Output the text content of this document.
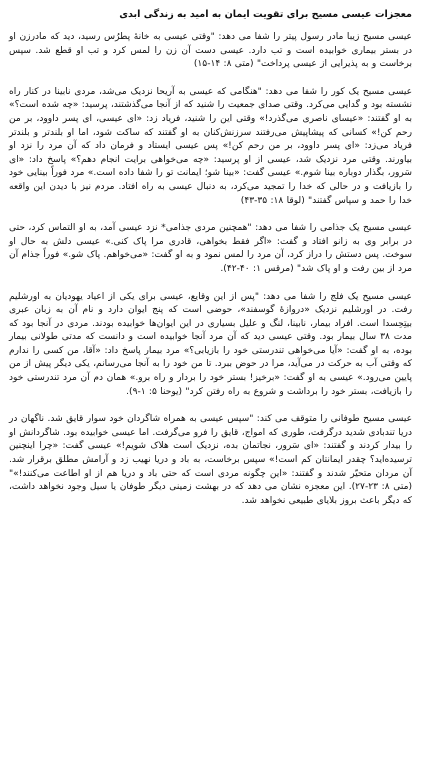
معجزات عیسی مسیح برای تقویت ایمان به امید به زندگی ابدی

عیسی مسیح زیبا مادر رسول پیتر را شفا می دهد: "وقتی عیسی به خانهٔ پطرُس رسید، دید که مادرزن او در بستر بیماری خوابیده است و تب دارد. عیسی دست آن زن را لمس کرد و تب او قطع شد. سپس برخاست و به پذیرایی از عیسی پرداخت" (متی ۸: ۱۴-۱۵)

عیسی مسیح یک کور را شفا می دهد: "هنگامی که عیسی به آریحا نزدیک می‌شد، مردی نابینا در کنار راه نشسته بود و گدایی می‌کرد. وقتی صدای جمعیت را شنید که از آنجا می‌گذشتند، پرسید: «چه شده است؟» به او گفتند: «عیسای ناصری می‌گذرد!» وقتی این را شنید، فریاد زد: «ای عیسی، ای پسر داوود، بر من رحم کن!» کسانی که پیشاپیش می‌رفتند سرزنش‌کنان به او گفتند که ساکت شود، اما او بلندتر و بلندتر فریاد می‌زد: «ای پسر داوود، بر من رحم کن!» پس عیسی ایستاد و فرمان داد که آن مرد را نزد او بیاورند. وقتی مرد نزدیک شد، عیسی از او پرسید: «چه می‌خواهی برایت انجام دهم؟» پاسخ داد: «ای سَرور، بگذار دوباره بینا شوم.» عیسی گفت: «بینا شو؛ ایمانت تو را شفا داده است.» مرد فوراً بینایی خود را بازیافت و در حالی که خدا را تمجید می‌کرد، به دنبال عیسی به راه افتاد. مردم نیز با دیدن این واقعه خدا را حمد و سپاس گفتند" (لوقا ۱۸: ۳۵-۴۳)

عیسی مسیح یک جذامی را شفا می دهد: "همچنین مردی جذامی* نزد عیسی آمد، به او التماس کرد، حتی در برابر وی به زانو افتاد و گفت: «اگر فقط بخواهی، قادری مرا پاک کنی.» عیسی دلش به حال او سوخت. پس دستش را دراز کرد، آن مرد را لمس نمود و به او گفت: «می‌خواهم. پاک شو.» فوراً جذام آن مرد از بین رفت و او پاک شد" (مرقس ۱: ۴۰-۴۲).

عیسی مسیح یک فلج را شفا می دهد: "پس از این وقایع، عیسی برای یکی از اعیاد یهودیان به اورشلیم رفت. در اورشلیم نزدیک «دروازهٔ گوسفند»، حوضی است که پنج ایوان دارد و نام آن به زبان عبری بیتِحِسدا است. افراد بیمار، نابینا، لنگ و علیل بسیاری در این ایوان‌ها خوابیده بودند. مردی در آنجا بود که مدت ۳۸ سال بیمار بود. وقتی عیسی دید که آن مرد آنجا خوابیده است و دانست که مدتی طولانی بیمار بوده، به او گفت: «آیا می‌خواهی تندرستی خود را بازیابی؟» مرد بیمار پاسخ داد: «آقا، من کسی را ندارم که وقتی آب به حرکت در می‌آید، مرا در حوض ببرد. تا من خود را به آنجا می‌رسانم، یکی دیگر پیش از من پایین می‌رود.» عیسی به او گفت: «برخیز! بستر خود را بردار و راه برو.» همان دم آن مرد تندرستی خود را بازیافت، بستر خود را برداشت و شروع به راه رفتن کرد" (یوحنا ۵: ۱-۹).

عیسی مسیح طوفانی را متوقف می کند: "سپس عیسی به همراه شاگردان خود سوار قایق شد. ناگهان در دریا تندبادی شدید درگرفت، طوری که امواج، قایق را فرو می‌گرفت. اما عیسی خوابیده بود. شاگردانش او را بیدار کردند و گفتند: «ای سَرور، نجاتمان بده، نزدیک است هلاک شویم!» عیسی گفت: «چرا اینچنین ترسیده‌اید؟ چقدر ایمانتان کم است!» سپس برخاست، به باد و دریا نهیب زد و آرامش مطلق برقرار شد. آن مردان متحیّر شدند و گفتند: «این چگونه مردی است که حتی باد و دریا هم از او اطاعت می‌کنند!»" (متی ۸: ۲۳-۲۷). این معجزه نشان می دهد که در بهشت زمینی دیگر طوفان یا سیل وجود نخواهد داشت، که دیگر باعث بروز بلایای طبیعی نخواهد شد.
